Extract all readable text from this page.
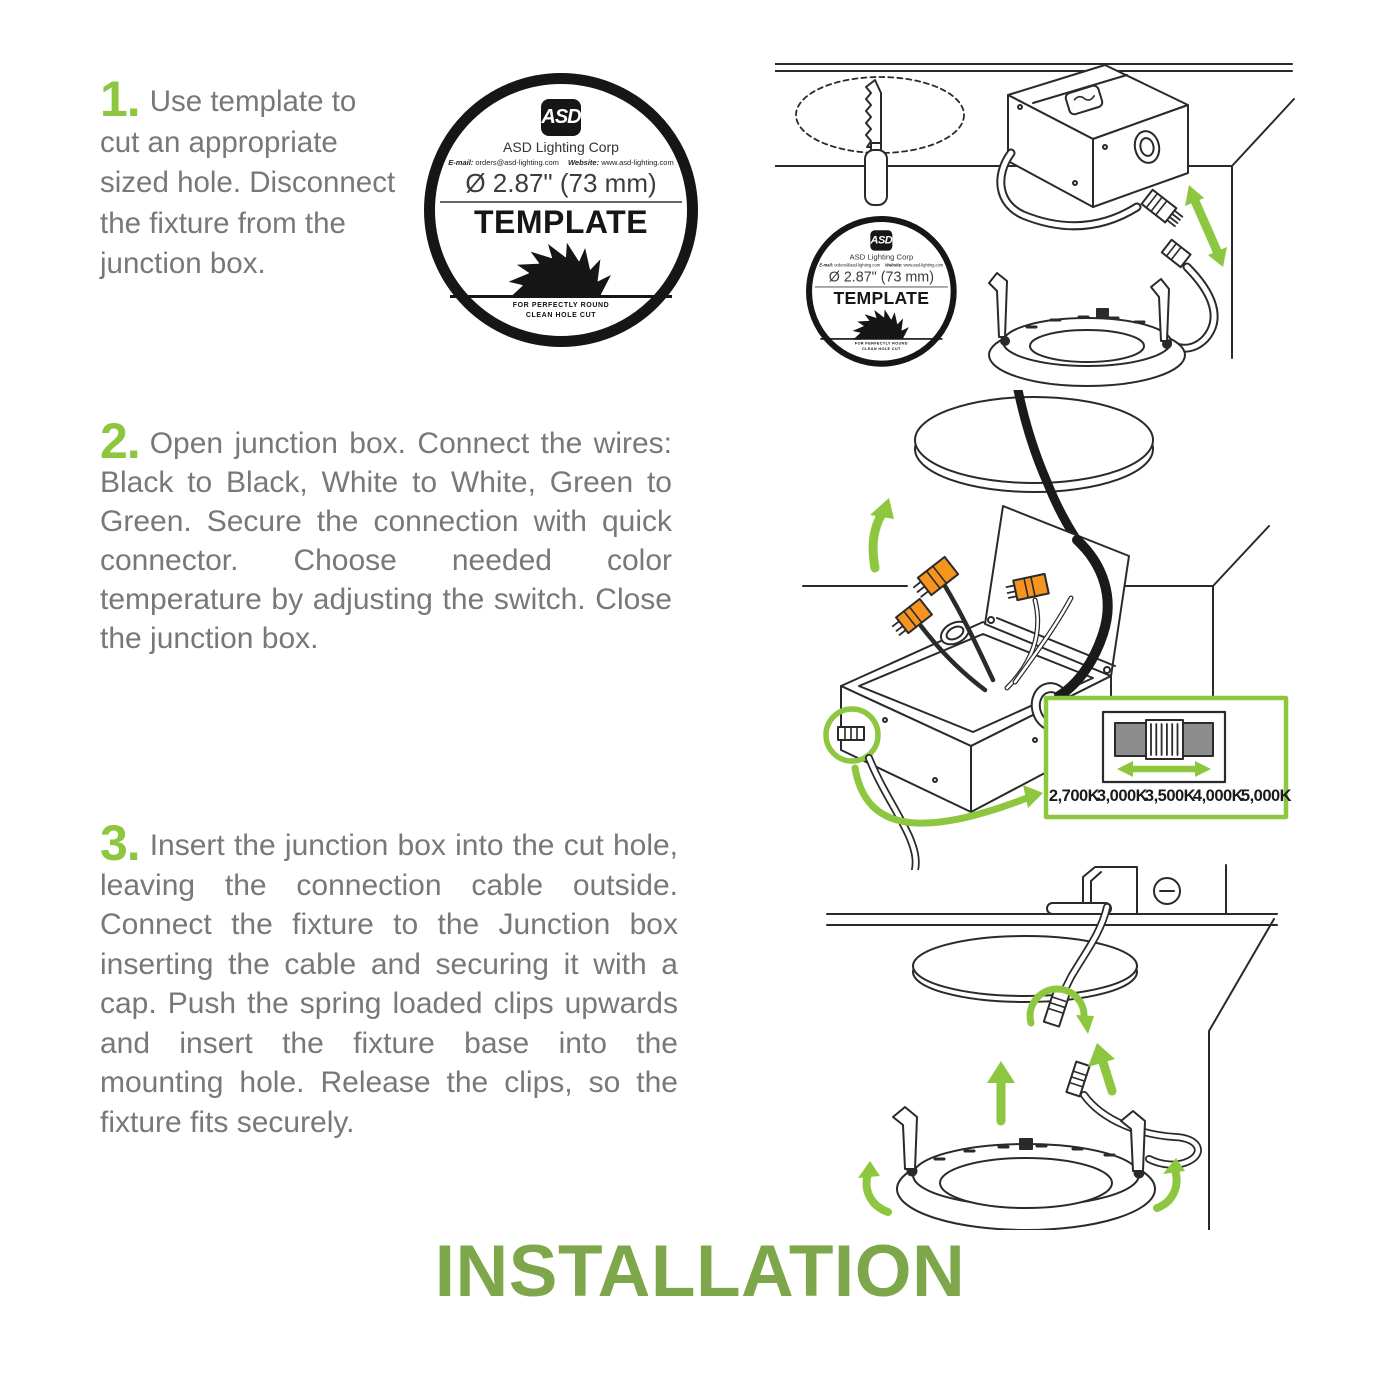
1. Use template to cut an appropriate sized hole. Disconnect the fixture from the junction box.
2. Open junction box. Connect the wires: Black to Black, White to White, Green to Green. Secure the connection with quick connector. Choose needed color temperature by adjusting the switch. Close the junction box.
3. Insert the junction box into the cut hole, leaving the connection cable outside. Connect the fixture to the Junction box inserting the cable and securing it with a cap. Push the spring loaded clips upwards and insert the fixture base into the mounting hole. Release the clips, so the fixture fits securely.
2,700K
3,000K
3,500K
4,000K
5,000K
ASD
ASD Lighting Corp
E-mail: orders@asd-lighting.com Website: www.asd-lighting.com
Ø 2.87" (73 mm)
TEMPLATE
FOR PERFECTLY ROUND
CLEAN HOLE CUT
ASD
ASD Lighting Corp
E-mail: orders@asd-lighting.com Website: www.asd-lighting.com
Ø 2.87" (73 mm)
TEMPLATE
FOR PERFECTLY ROUND
CLEAN HOLE CUT
INSTALLATION
